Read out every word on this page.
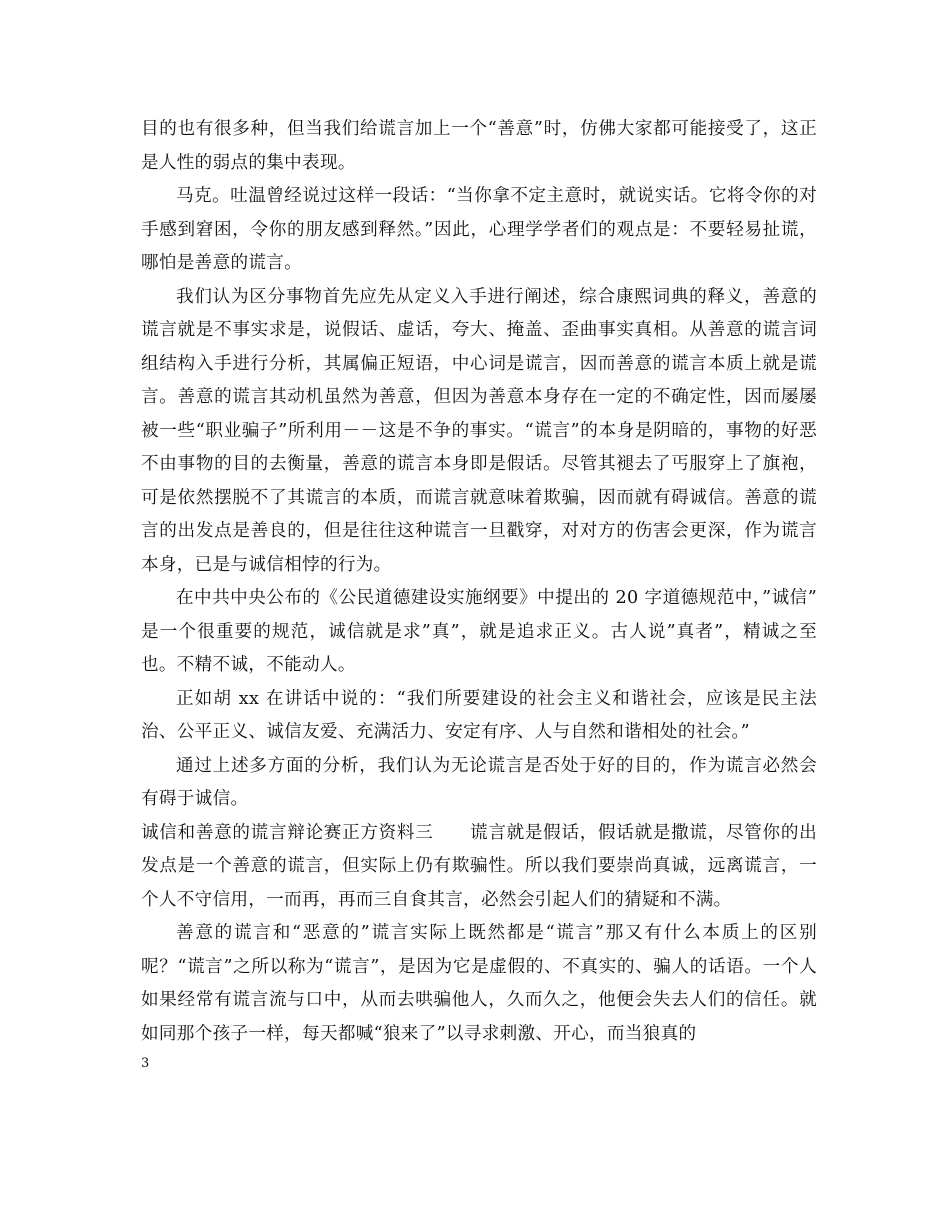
目的也有很多种，但当我们给谎言加上一个“善意”时，仿佛大家都可能接受了，这正是人性的弱点的集中表现。

马克。吐温曾经说过这样一段话：“当你拿不定主意时，就说实话。它将令你的对手感到窘困，令你的朋友感到释然。”因此，心理学学者们的观点是：不要轻易扯谎，哪怕是善意的谎言。

我们认为区分事物首先应先从定义入手进行阐述，综合康熙词典的释义，善意的谎言就是不事实求是，说假话、虚话，夸大、掩盖、歪曲事实真相。从善意的谎言词组结构入手进行分析，其属偏正短语，中心词是谎言，因而善意的谎言本质上就是谎言。善意的谎言其动机虽然为善意，但因为善意本身存在一定的不确定性，因而屡屡被一些“职业骗子”所利用－－这是不争的事实。“谎言”的本身是阴暗的，事物的好恶不由事物的目的去衡量，善意的谎言本身即是假话。尽管其褪去了丐服穿上了旗袍，可是依然摆脱不了其谎言的本质，而谎言就意味着欺骗，因而就有碍诚信。善意的谎言的出发点是善良的，但是往往这种谎言一旦戳穿，对对方的伤害会更深，作为谎言本身，已是与诚信相悖的行为。

在中共中央公布的《公民道德建设实施纲要》中提出的 20 字道德规范中，”诚信” 是一个很重要的规范，诚信就是求”真”，就是追求正义。古人说”真者”，精诚之至也。不精不诚，不能动人。

正如胡 xx 在讲话中说的：“我们所要建设的社会主义和谐社会，应该是民主法治、公平正义、诚信友爱、充满活力、安定有序、人与自然和谐相处的社会。”

通过上述多方面的分析，我们认为无论谎言是否处于好的目的，作为谎言必然会有碍于诚信。

诚信和善意的谎言辩论赛正方资料三　　谎言就是假话，假话就是撒谎，尽管你的出发点是一个善意的谎言，但实际上仍有欺骗性。所以我们要崇尚真诚，远离谎言，一个人不守信用，一而再，再而三自食其言，必然会引起人们的猜疑和不满。

善意的谎言和“恶意的”谎言实际上既然都是“谎言”那又有什么本质上的区别呢？“谎言”之所以称为“谎言”，是因为它是虚假的、不真实的、骗人的话语。一个人如果经常有谎言流与口中，从而去哄骗他人，久而久之，他便会失去人们的信任。就如同那个孩子一样，每天都喊“狼来了”以寻求刺激、开心，而当狼真的

3
